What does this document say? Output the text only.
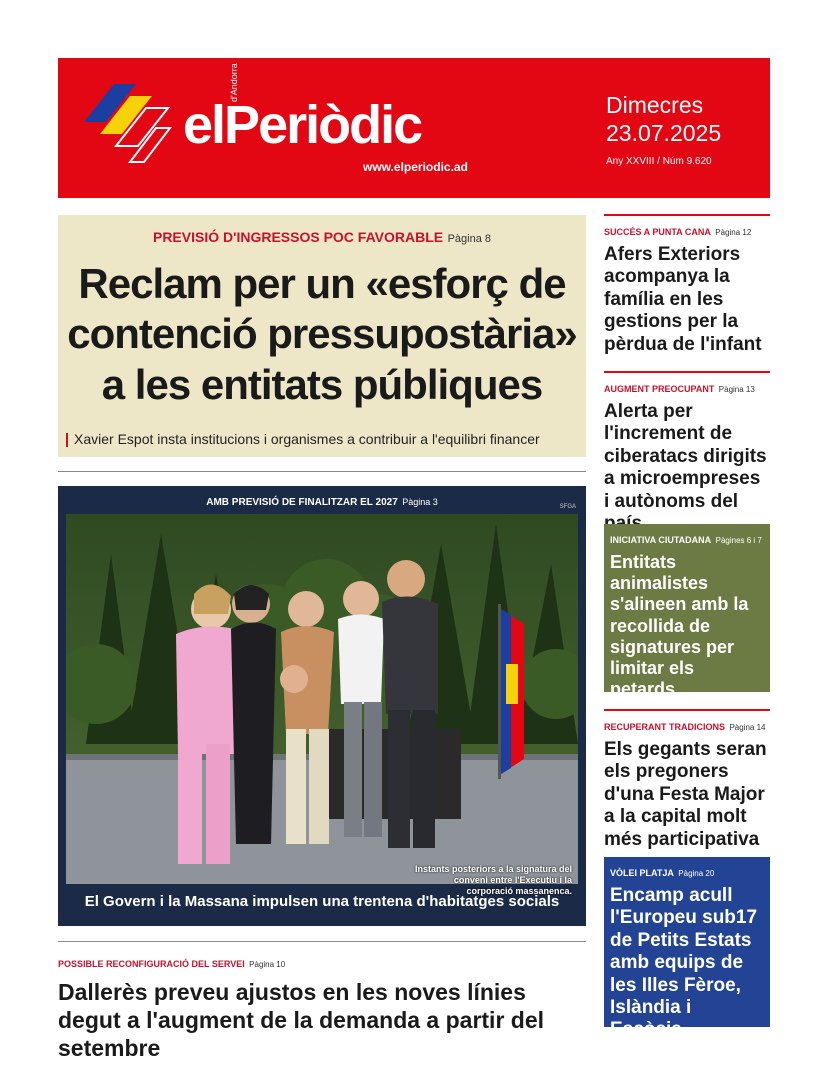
elPeriòdic
d'Andorra
www.elperiodic.ad
Dimecres
23.07.2025
Any XXVIII / Núm 9.620
PREVISIÓ D'INGRESSOS POC FAVORABLE Pàgina 8
Reclam per un «esforç de contenció pressupostària» a les entitats públiques
Xavier Espot insta institucions i organismes a contribuir a l'equilibri financer
AMB PREVISIÓ DE FINALITZAR EL 2027 Pàgina 3	SFGA
Instants posteriors a la signatura del conveni entre l'Executiu i la corporació massanenca.
El Govern i la Massana impulsen una trentena d'habitatges socials
POSSIBLE RECONFIGURACIÓ DEL SERVEI Pàgina 10
Dallerès preveu ajustos en les noves línies degut a l'augment de la demanda a partir del setembre
SUCCÉS A PUNTA CANA Pàgina 12
Afers Exteriors acompanya la família en les gestions per la pèrdua de l'infant
AUGMENT PREOCUPANT Pàgina 13
Alerta per l'increment de ciberatacs dirigits a microempreses i autònoms del
INICIATIVA CIUTADANA Pàgines 6 i 7
Entitats animalistes s'alineen amb la recollida de signatures per limitar els petards
RECUPERANT TRADICIONS Pàgina 14
Els gegants seran els pregoners d'una Festa Major a la capital molt més participativa
VÒLEI PLATJA Pàgina 20
Encamp acull l'Europeu sub17 de Petits Estats amb equips de les Illes Fèroe, Islàndia i Escòcia
